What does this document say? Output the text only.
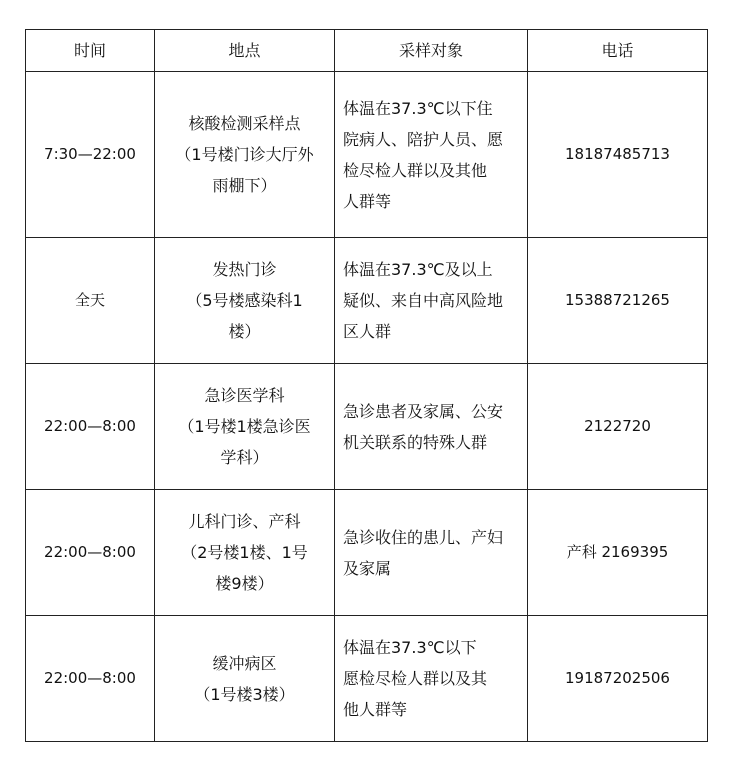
时间	地点	采样对象	电话
7:30—22:00	核酸检测采样点
（1号楼门诊大厅外
雨棚下）	体温在37.3℃以下住
院病人、陪护人员、愿
检尽检人群以及其他
人群等	18187485713
全天	发热门诊
（5号楼感染科1
楼）	体温在37.3℃及以上
疑似、来自中高风险地
区人群	15388721265
22:00—8:00	急诊医学科
（1号楼1楼急诊医
学科）	急诊患者及家属、公安
机关联系的特殊人群	2122720
22:00—8:00	儿科门诊、产科
（2号楼1楼、1号
楼9楼）	急诊收住的患儿、产妇
及家属	产科 2169395
22:00—8:00	缓冲病区
（1号楼3楼）	体温在37.3℃以下
愿检尽检人群以及其
他人群等	19187202506
